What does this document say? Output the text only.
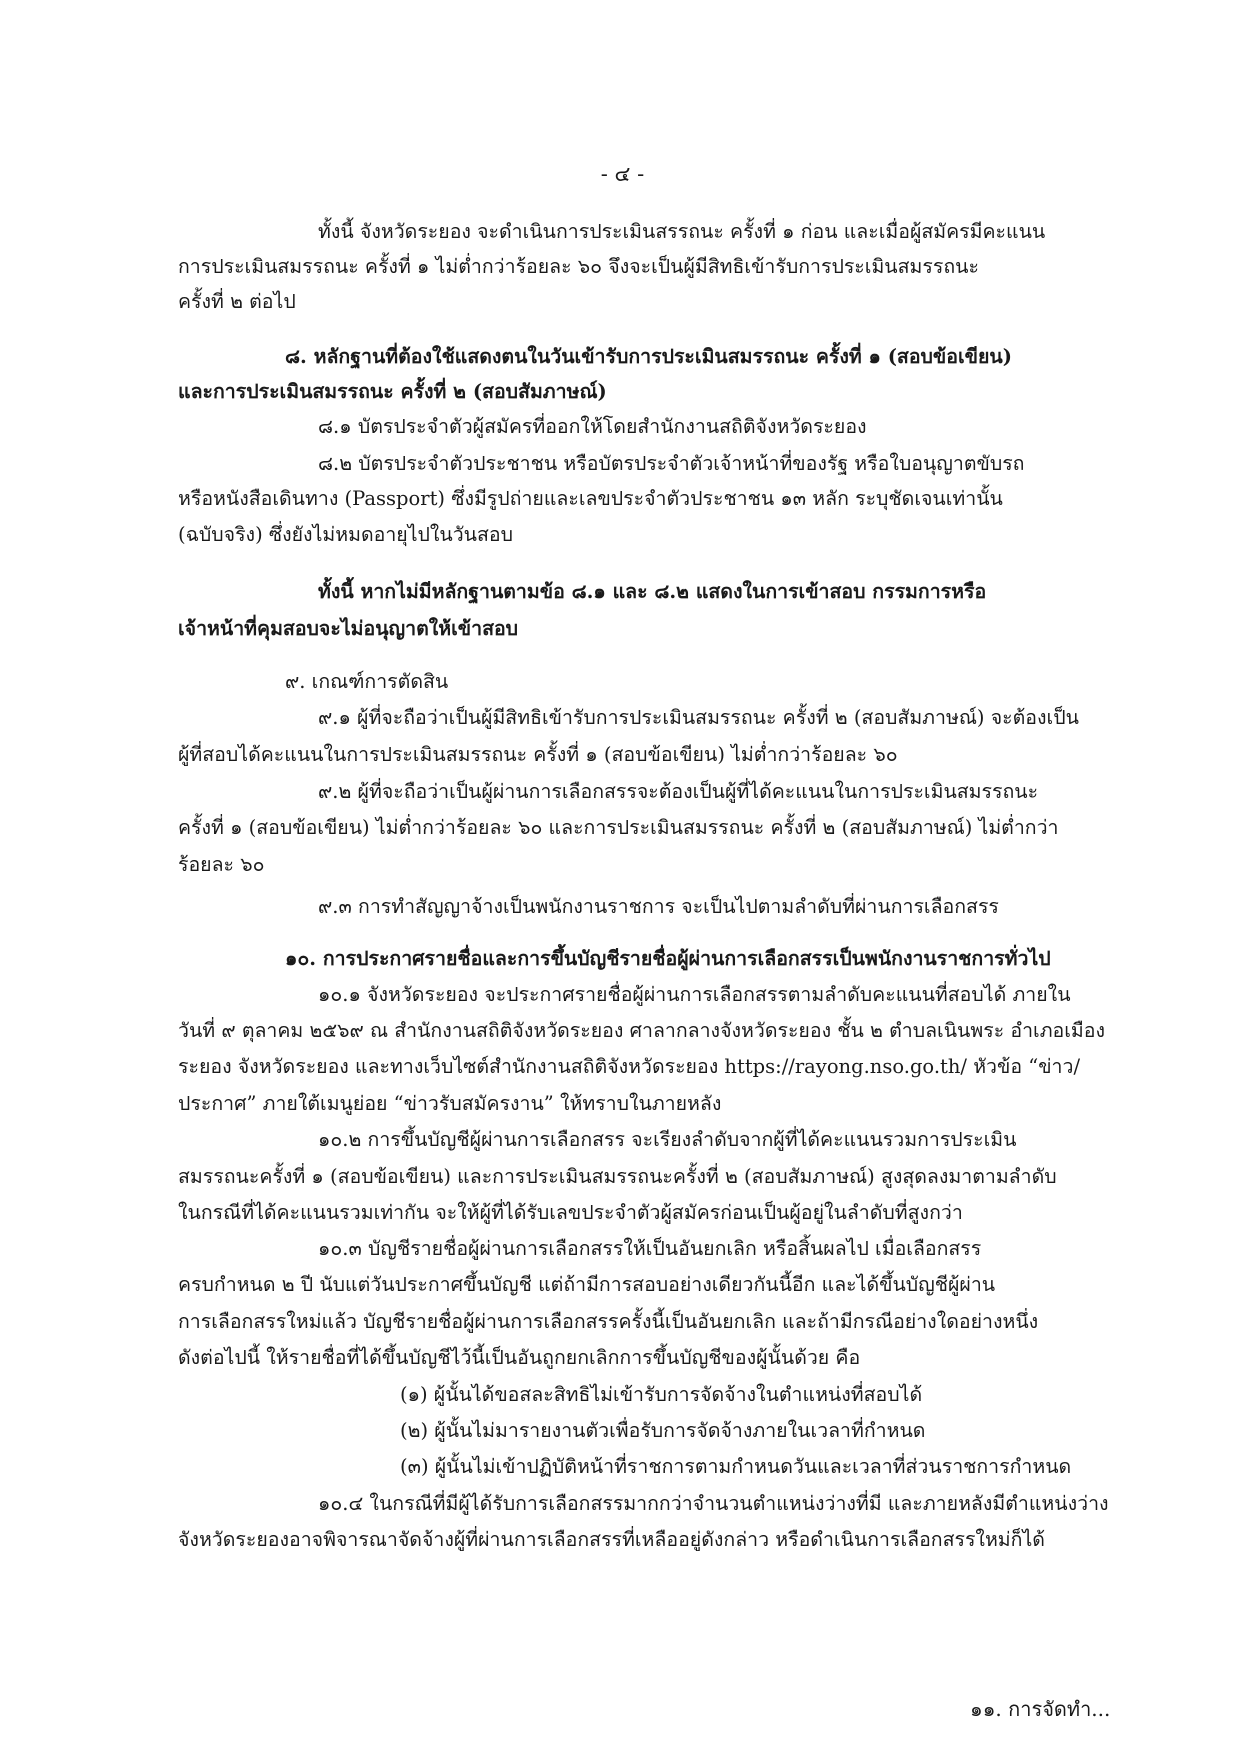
- ๔ -

ทั้งนี้ จังหวัดระยอง จะดำเนินการประเมินสรรถนะ ครั้งที่ ๑ ก่อน และเมื่อผู้สมัครมีคะแนน

การประเมินสมรรถนะ ครั้งที่ ๑ ไม่ต่ำกว่าร้อยละ ๖๐ จึงจะเป็นผู้มีสิทธิเข้ารับการประเมินสมรรถนะ

ครั้งที่ ๒ ต่อไป

๘. หลักฐานที่ต้องใช้แสดงตนในวันเข้ารับการประเมินสมรรถนะ ครั้งที่ ๑ (สอบข้อเขียน)

และการประเมินสมรรถนะ ครั้งที่ ๒ (สอบสัมภาษณ์)

๘.๑ บัตรประจำตัวผู้สมัครที่ออกให้โดยสำนักงานสถิติจังหวัดระยอง

๘.๒ บัตรประจำตัวประชาชน หรือบัตรประจำตัวเจ้าหน้าที่ของรัฐ หรือใบอนุญาตขับรถ

หรือหนังสือเดินทาง (Passport) ซึ่งมีรูปถ่ายและเลขประจำตัวประชาชน ๑๓ หลัก ระบุชัดเจนเท่านั้น

(ฉบับจริง) ซึ่งยังไม่หมดอายุไปในวันสอบ

ทั้งนี้ หากไม่มีหลักฐานตามข้อ ๘.๑ และ ๘.๒ แสดงในการเข้าสอบ กรรมการหรือ

เจ้าหน้าที่คุมสอบจะไม่อนุญาตให้เข้าสอบ

๙. เกณฑ์การตัดสิน

๙.๑ ผู้ที่จะถือว่าเป็นผู้มีสิทธิเข้ารับการประเมินสมรรถนะ ครั้งที่ ๒ (สอบสัมภาษณ์) จะต้องเป็น

ผู้ที่สอบได้คะแนนในการประเมินสมรรถนะ ครั้งที่ ๑ (สอบข้อเขียน) ไม่ต่ำกว่าร้อยละ ๖๐

๙.๒ ผู้ที่จะถือว่าเป็นผู้ผ่านการเลือกสรรจะต้องเป็นผู้ที่ได้คะแนนในการประเมินสมรรถนะ

ครั้งที่ ๑ (สอบข้อเขียน) ไม่ต่ำกว่าร้อยละ ๖๐ และการประเมินสมรรถนะ ครั้งที่ ๒ (สอบสัมภาษณ์) ไม่ต่ำกว่า

ร้อยละ ๖๐

๙.๓ การทำสัญญาจ้างเป็นพนักงานราชการ จะเป็นไปตามลำดับที่ผ่านการเลือกสรร

๑๐. การประกาศรายชื่อและการขึ้นบัญชีรายชื่อผู้ผ่านการเลือกสรรเป็นพนักงานราชการทั่วไป

๑๐.๑ จังหวัดระยอง จะประกาศรายชื่อผู้ผ่านการเลือกสรรตามลำดับคะแนนที่สอบได้ ภายใน

วันที่ ๙ ตุลาคม ๒๕๖๙ ณ สำนักงานสถิติจังหวัดระยอง ศาลากลางจังหวัดระยอง ชั้น ๒ ตำบลเนินพระ อำเภอเมือง

ระยอง จังหวัดระยอง และทางเว็บไซต์สำนักงานสถิติจังหวัดระยอง https://rayong.nso.go.th/ หัวข้อ “ข่าว/

ประกาศ” ภายใต้เมนูย่อย “ข่าวรับสมัครงาน” ให้ทราบในภายหลัง

๑๐.๒ การขึ้นบัญชีผู้ผ่านการเลือกสรร จะเรียงลำดับจากผู้ที่ได้คะแนนรวมการประเมิน

สมรรถนะครั้งที่ ๑ (สอบข้อเขียน) และการประเมินสมรรถนะครั้งที่ ๒ (สอบสัมภาษณ์) สูงสุดลงมาตามลำดับ

ในกรณีที่ได้คะแนนรวมเท่ากัน จะให้ผู้ที่ได้รับเลขประจำตัวผู้สมัครก่อนเป็นผู้อยู่ในลำดับที่สูงกว่า

๑๐.๓ บัญชีรายชื่อผู้ผ่านการเลือกสรรให้เป็นอันยกเลิก หรือสิ้นผลไป เมื่อเลือกสรร

ครบกำหนด ๒ ปี นับแต่วันประกาศขึ้นบัญชี แต่ถ้ามีการสอบอย่างเดียวกันนี้อีก และได้ขึ้นบัญชีผู้ผ่าน

การเลือกสรรใหม่แล้ว บัญชีรายชื่อผู้ผ่านการเลือกสรรครั้งนี้เป็นอันยกเลิก และถ้ามีกรณีอย่างใดอย่างหนึ่ง

ดังต่อไปนี้ ให้รายชื่อที่ได้ขึ้นบัญชีไว้นี้เป็นอันถูกยกเลิกการขึ้นบัญชีของผู้นั้นด้วย คือ

(๑) ผู้นั้นได้ขอสละสิทธิไม่เข้ารับการจัดจ้างในตำแหน่งที่สอบได้

(๒) ผู้นั้นไม่มารายงานตัวเพื่อรับการจัดจ้างภายในเวลาที่กำหนด

(๓) ผู้นั้นไม่เข้าปฏิบัติหน้าที่ราชการตามกำหนดวันและเวลาที่ส่วนราชการกำหนด

๑๐.๔ ในกรณีที่มีผู้ได้รับการเลือกสรรมากกว่าจำนวนตำแหน่งว่างที่มี และภายหลังมีตำแหน่งว่าง

จังหวัดระยองอาจพิจารณาจัดจ้างผู้ที่ผ่านการเลือกสรรที่เหลืออยู่ดังกล่าว หรือดำเนินการเลือกสรรใหม่ก็ได้

๑๑. การจัดทำ...
